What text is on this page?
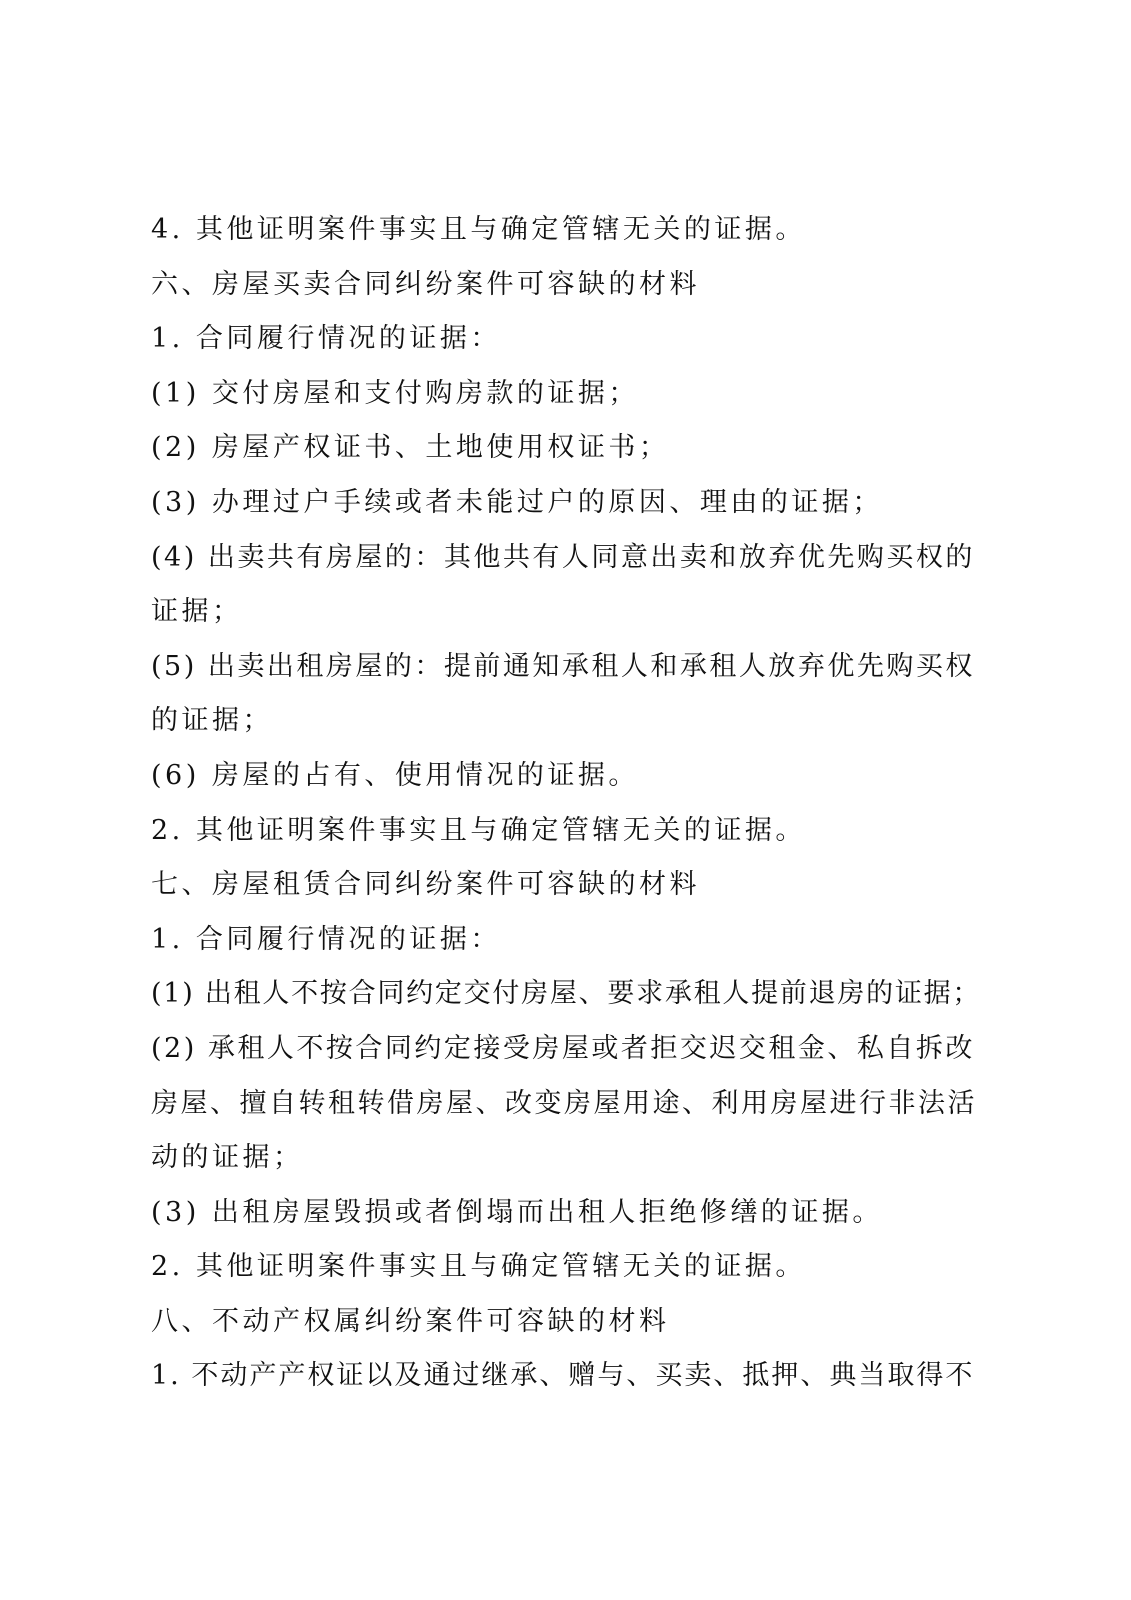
4. 其他证明案件事实且与确定管辖无关的证据。
六、房屋买卖合同纠纷案件可容缺的材料
1. 合同履行情况的证据：
(1) 交付房屋和支付购房款的证据；
(2) 房屋产权证书、土地使用权证书；
(3) 办理过户手续或者未能过户的原因、理由的证据；
(4) 出卖共有房屋的：其他共有人同意出卖和放弃优先购买权的
证据；
(5) 出卖出租房屋的：提前通知承租人和承租人放弃优先购买权
的证据；
(6) 房屋的占有、使用情况的证据。
2. 其他证明案件事实且与确定管辖无关的证据。
七、房屋租赁合同纠纷案件可容缺的材料
1. 合同履行情况的证据：
(1) 出租人不按合同约定交付房屋、要求承租人提前退房的证据；
(2) 承租人不按合同约定接受房屋或者拒交迟交租金、私自拆改
房屋、擅自转租转借房屋、改变房屋用途、利用房屋进行非法活
动的证据；
(3) 出租房屋毁损或者倒塌而出租人拒绝修缮的证据。
2. 其他证明案件事实且与确定管辖无关的证据。
八、不动产权属纠纷案件可容缺的材料
1. 不动产产权证以及通过继承、赠与、买卖、抵押、典当取得不
